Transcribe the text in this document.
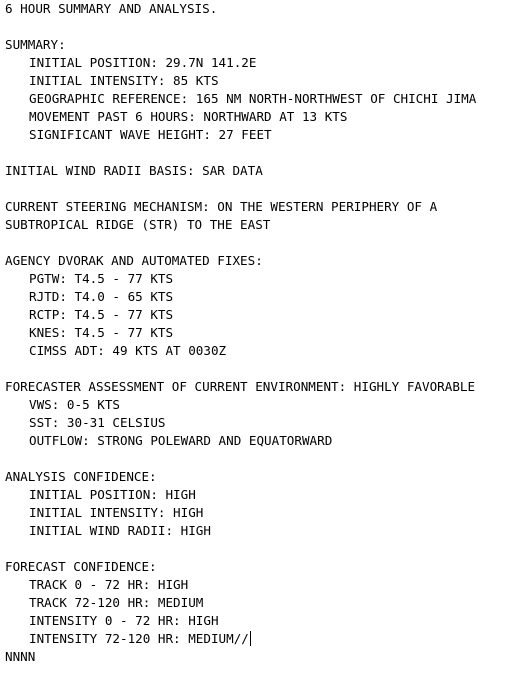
6 HOUR SUMMARY AND ANALYSIS.
SUMMARY:
INITIAL POSITION: 29.7N 141.2E
INITIAL INTENSITY: 85 KTS
GEOGRAPHIC REFERENCE: 165 NM NORTH-NORTHWEST OF CHICHI JIMA
MOVEMENT PAST 6 HOURS: NORTHWARD AT 13 KTS
SIGNIFICANT WAVE HEIGHT: 27 FEET
INITIAL WIND RADII BASIS: SAR DATA
CURRENT STEERING MECHANISM: ON THE WESTERN PERIPHERY OF A
SUBTROPICAL RIDGE (STR) TO THE EAST
AGENCY DVORAK AND AUTOMATED FIXES:
PGTW: T4.5 - 77 KTS
RJTD: T4.0 - 65 KTS
RCTP: T4.5 - 77 KTS
KNES: T4.5 - 77 KTS
CIMSS ADT: 49 KTS AT 0030Z
FORECASTER ASSESSMENT OF CURRENT ENVIRONMENT: HIGHLY FAVORABLE
VWS: 0-5 KTS
SST: 30-31 CELSIUS
OUTFLOW: STRONG POLEWARD AND EQUATORWARD
ANALYSIS CONFIDENCE:
INITIAL POSITION: HIGH
INITIAL INTENSITY: HIGH
INITIAL WIND RADII: HIGH
FORECAST CONFIDENCE:
TRACK 0 - 72 HR: HIGH
TRACK 72-120 HR: MEDIUM
INTENSITY 0 - 72 HR: HIGH
INTENSITY 72-120 HR: MEDIUM//
NNNN
